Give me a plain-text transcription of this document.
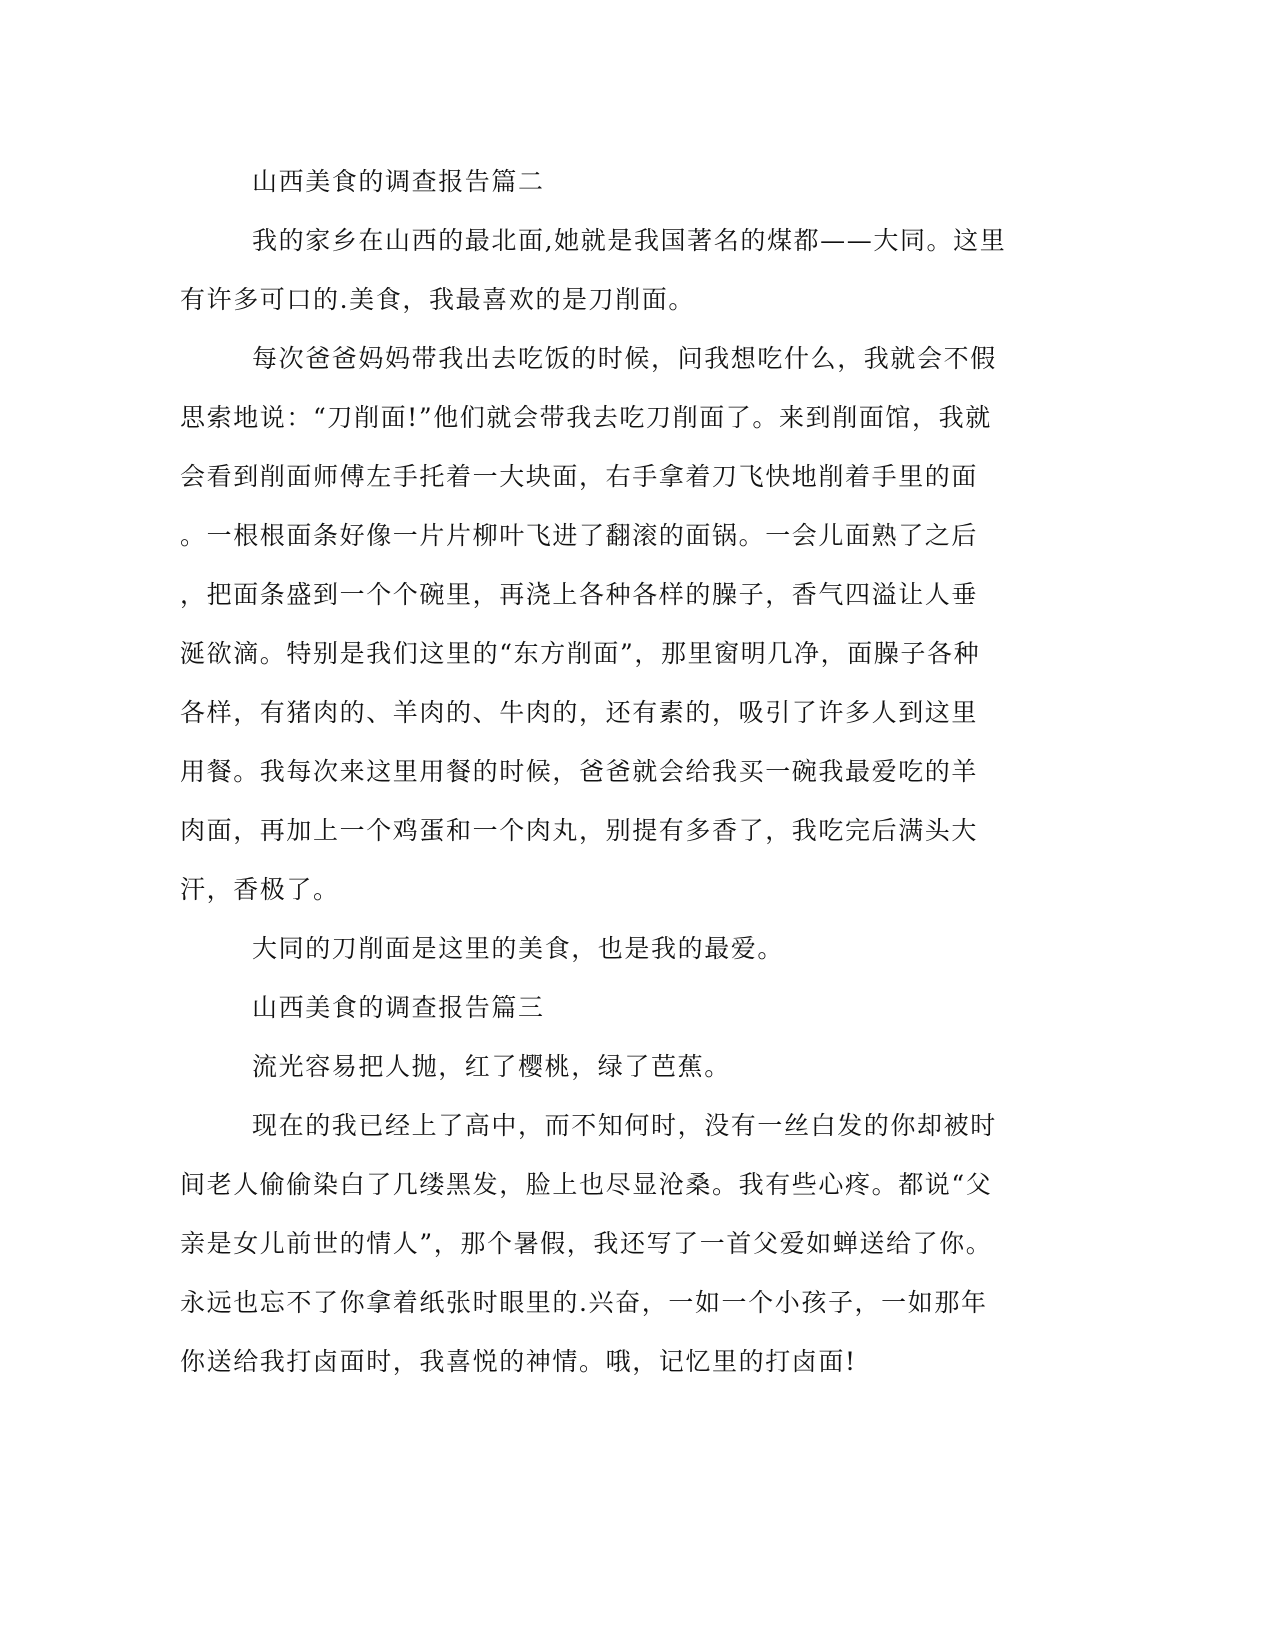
山西美食的调查报告篇二

我的家乡在山西的最北面,她就是我国著名的煤都——大同。这里

有许多可口的.美食，我最喜欢的是刀削面。

每次爸爸妈妈带我出去吃饭的时候，问我想吃什么，我就会不假

思索地说：“刀削面!”他们就会带我去吃刀削面了。来到削面馆，我就

会看到削面师傅左手托着一大块面，右手拿着刀飞快地削着手里的面

。一根根面条好像一片片柳叶飞进了翻滚的面锅。一会儿面熟了之后

，把面条盛到一个个碗里，再浇上各种各样的臊子，香气四溢让人垂

涎欲滴。特别是我们这里的“东方削面”，那里窗明几净，面臊子各种

各样，有猪肉的、羊肉的、牛肉的，还有素的，吸引了许多人到这里

用餐。我每次来这里用餐的时候，爸爸就会给我买一碗我最爱吃的羊

肉面，再加上一个鸡蛋和一个肉丸，别提有多香了，我吃完后满头大

汗，香极了。

大同的刀削面是这里的美食，也是我的最爱。

山西美食的调查报告篇三

流光容易把人抛，红了樱桃，绿了芭蕉。

现在的我已经上了高中，而不知何时，没有一丝白发的你却被时

间老人偷偷染白了几缕黑发，脸上也尽显沧桑。我有些心疼。都说“父

亲是女儿前世的情人”，那个暑假，我还写了一首父爱如蝉送给了你。

永远也忘不了你拿着纸张时眼里的.兴奋，一如一个小孩子，一如那年

你送给我打卤面时，我喜悦的神情。哦，记忆里的打卤面!
